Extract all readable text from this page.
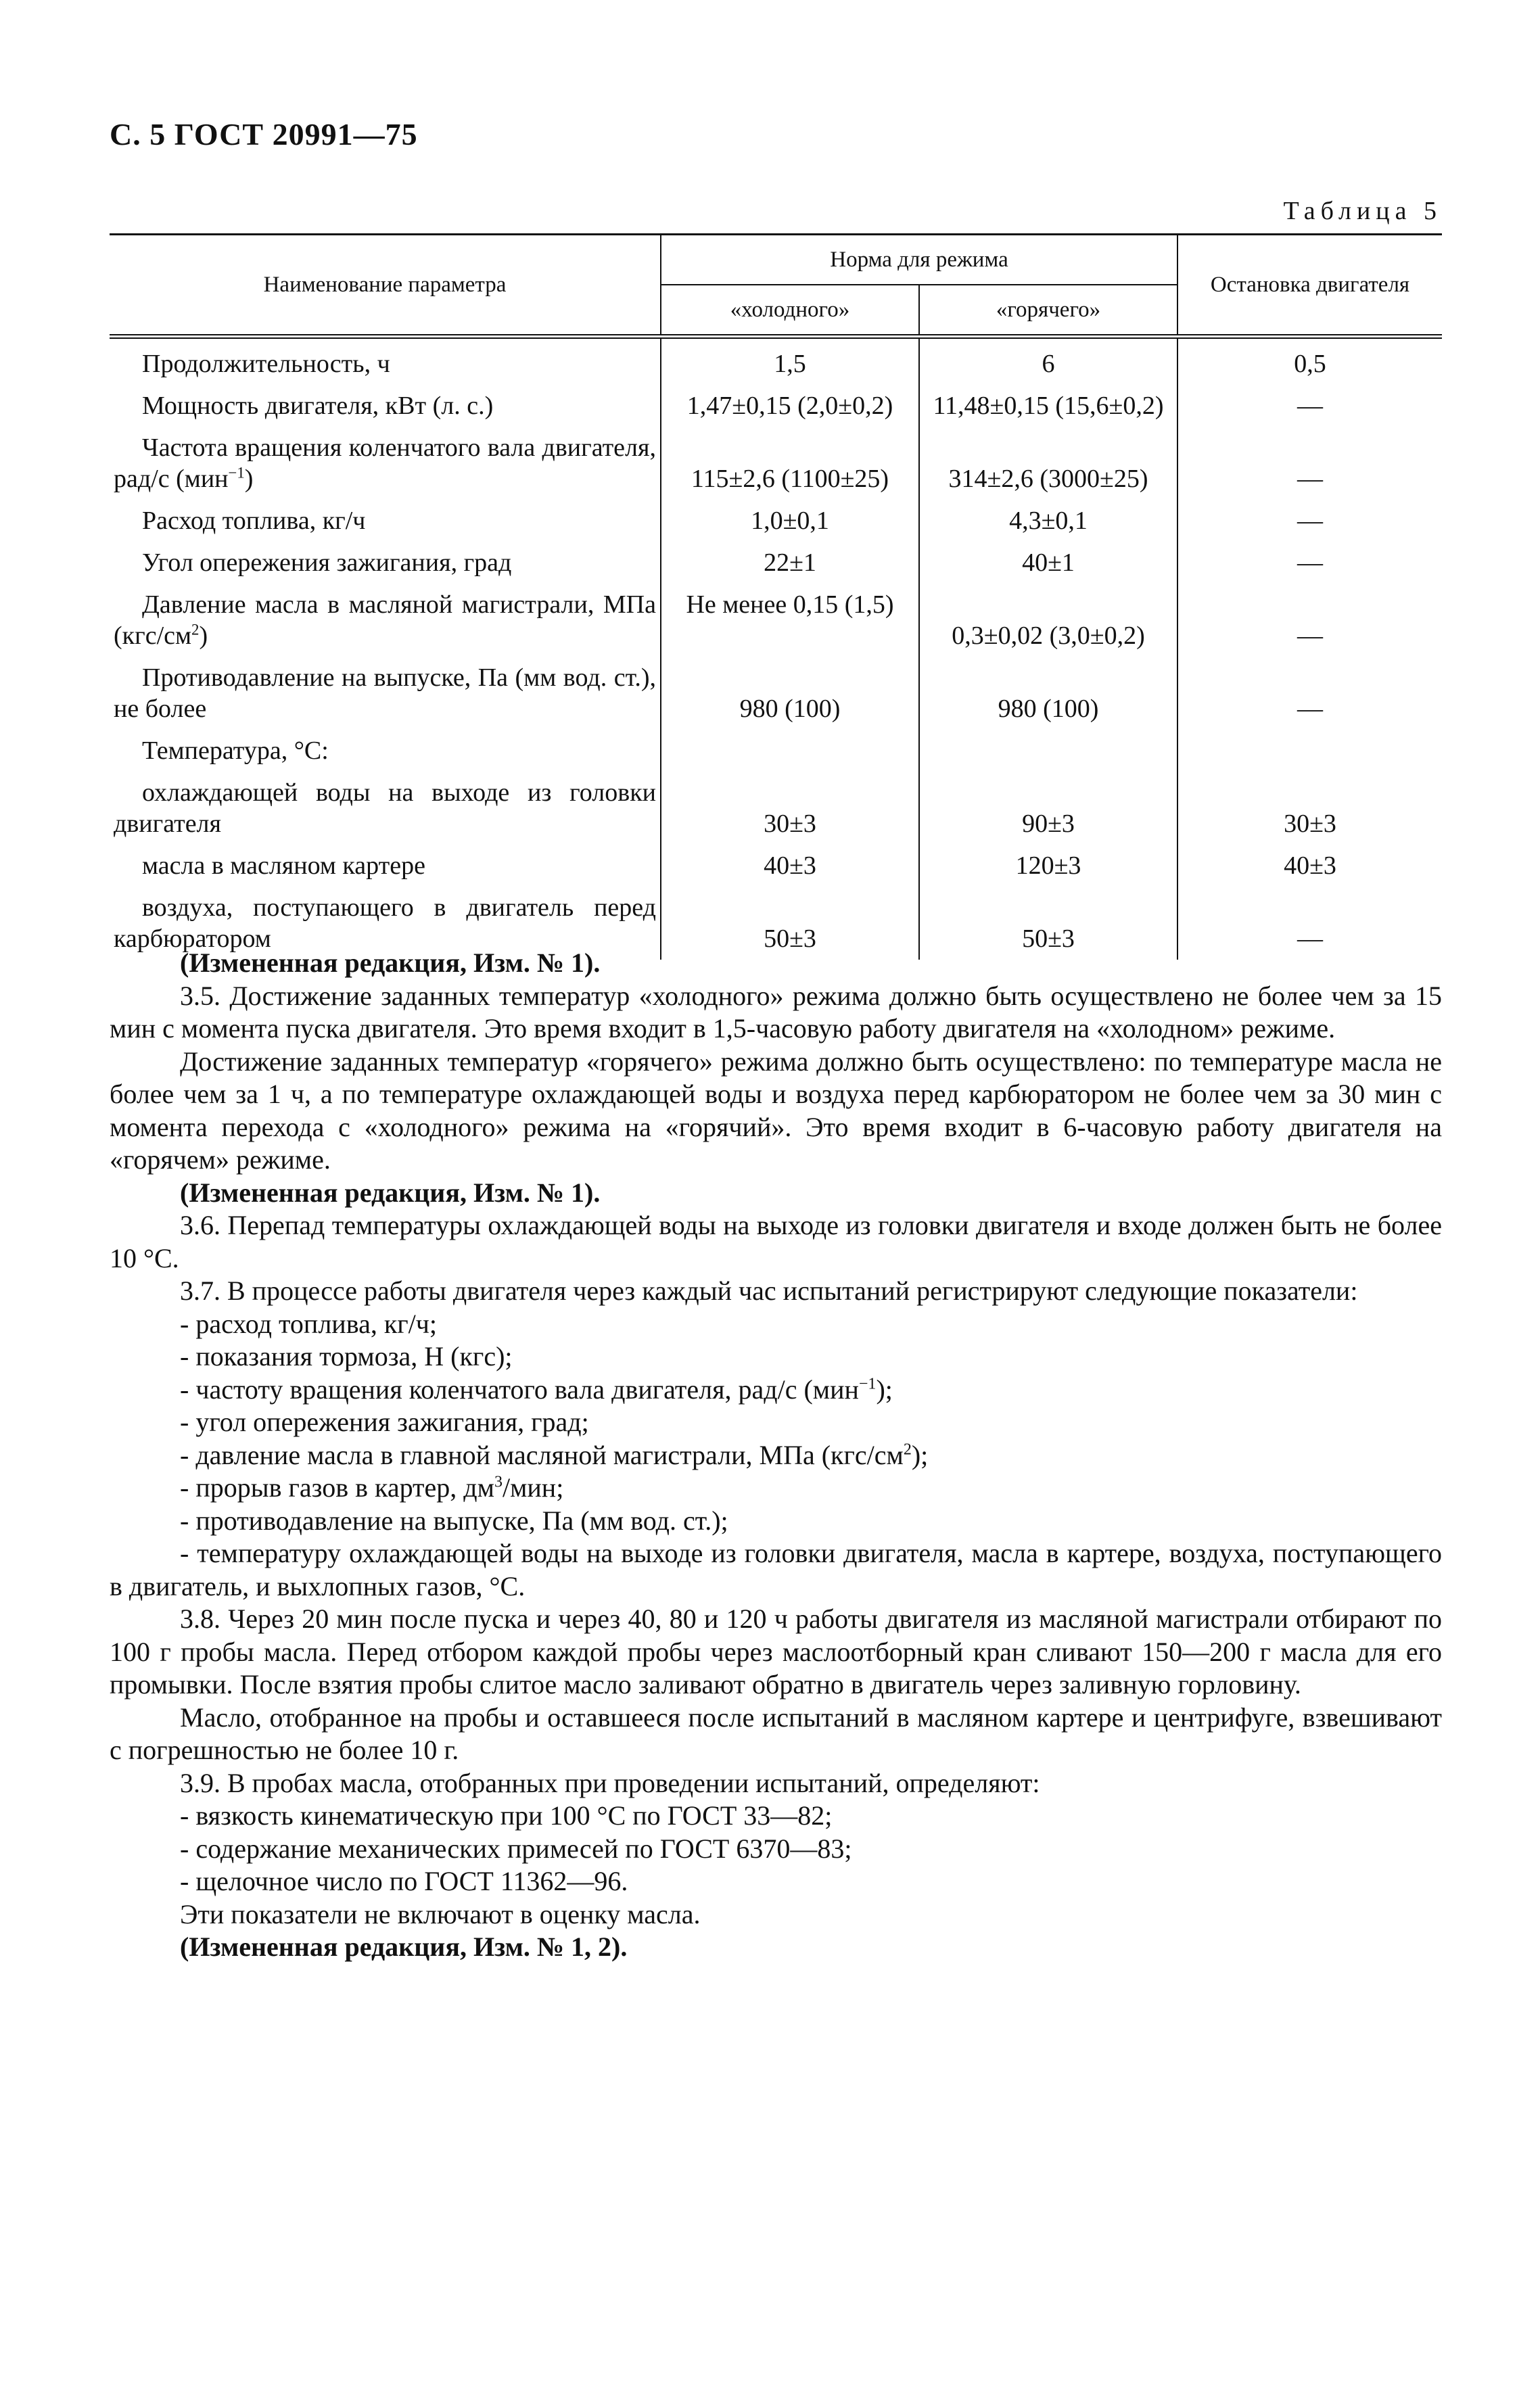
С. 5 ГОСТ 20991—75
Таблица 5
Наименование параметра	Норма для режима		Остановка двигателя
	«холодного»	«горячего»	

Продолжительность, ч	1,5	6	0,5

Мощность двигателя, кВт (л. с.)	1,47±0,15 (2,0±0,2)	11,48±0,15 (15,6±0,2)	—

Частота вращения коленчатого вала двигателя, рад/с (мин$^{-1}$)	115±2,6 (1100±25)	314±2,6 (3000±25)	—

Расход топлива, кг/ч	1,0±0,1	4,3±0,1	—

Угол опережения зажигания, град	22±1	40±1	—

Давление масла в масляной магистрали, МПа $(кгс/см^2)$	Не менее 0,15 (1,5)	0,3±0,02 (3,0±0,2)	—

Противодавление на выпуске, Па (мм вод. ст.), не более	980 (100)	980 (100)	—

Температура, °С:			

охлаждающей воды на выходе из головки двигателя	30±3	90±3	30±3

масла в масляном картере	40±3	120±3	40±3

воздуха, поступающего в двигатель перед карбюратором	50±3	50±3	—

(Измененная редакция, Изм. № 1).

3.5. Достижение заданных температур «холодного» режима должно быть осуществлено не более чем за 15 мин с момента пуска двигателя. Это время входит в 1,5-часовую работу двигателя на «холодном» режиме.

Достижение заданных температур «горячего» режима должно быть осуществлено: по температуре масла не более чем за 1 ч, а по температуре охлаждающей воды и воздуха перед карбюратором не более чем за 30 мин с момента перехода с «холодного» режима на «горячий». Это время входит в 6-часовую работу двигателя на «горячем» режиме.

(Измененная редакция, Изм. № 1).

3.6. Перепад температуры охлаждающей воды на выходе из головки двигателя и входе должен быть не более 10 °С.

3.7. В процессе работы двигателя через каждый час испытаний регистрируют следующие показатели:

- расход топлива, кг/ч;

- показания тормоза, Н (кгс);

- частоту вращения коленчатого вала двигателя, рад/с (мин$^{-1}$);

- угол опережения зажигания, град;

- давление масла в главной масляной магистрали, МПа $(кгс/см^2)$;

- прорыв газов в картер, $дм^3$/мин;

- противодавление на выпуске, Па (мм вод. ст.);

- температуру охлаждающей воды на выходе из головки двигателя, масла в картере, воздуха, поступающего в двигатель, и выхлопных газов, °С.

3.8. Через 20 мин после пуска и через 40, 80 и 120 ч работы двигателя из масляной магистрали отбирают по 100 г пробы масла. Перед отбором каждой пробы через маслоотборный кран сливают 150—200 г масла для его промывки. После взятия пробы слитое масло заливают обратно в двигатель через заливную горловину.

Масло, отобранное на пробы и оставшееся после испытаний в масляном картере и центрифуге, взвешивают с погрешностью не более 10 г.

3.9. В пробах масла, отобранных при проведении испытаний, определяют:

- вязкость кинематическую при 100 °С по ГОСТ 33—82;

- содержание механических примесей по ГОСТ 6370—83;

- щелочное число по ГОСТ 11362—96.

Эти показатели не включают в оценку масла.

(Измененная редакция, Изм. № 1, 2).
